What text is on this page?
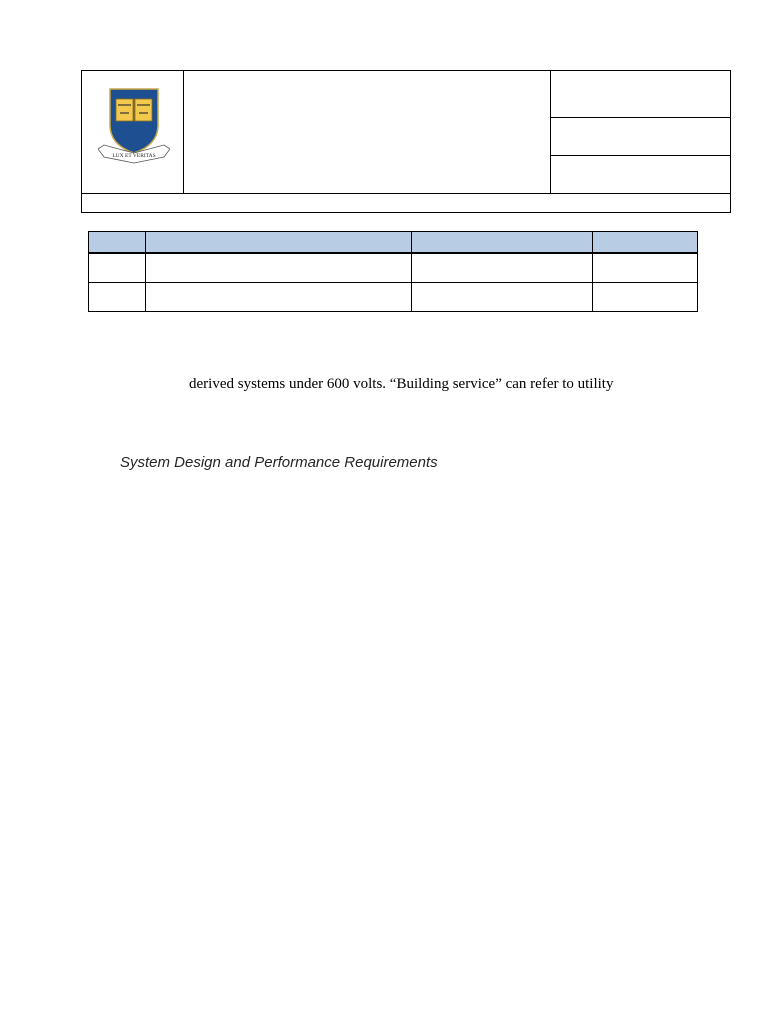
LUX ET VERITAS

derived systems under 600 volts. “Building service” can refer to utility
System Design and Performance Requirements
